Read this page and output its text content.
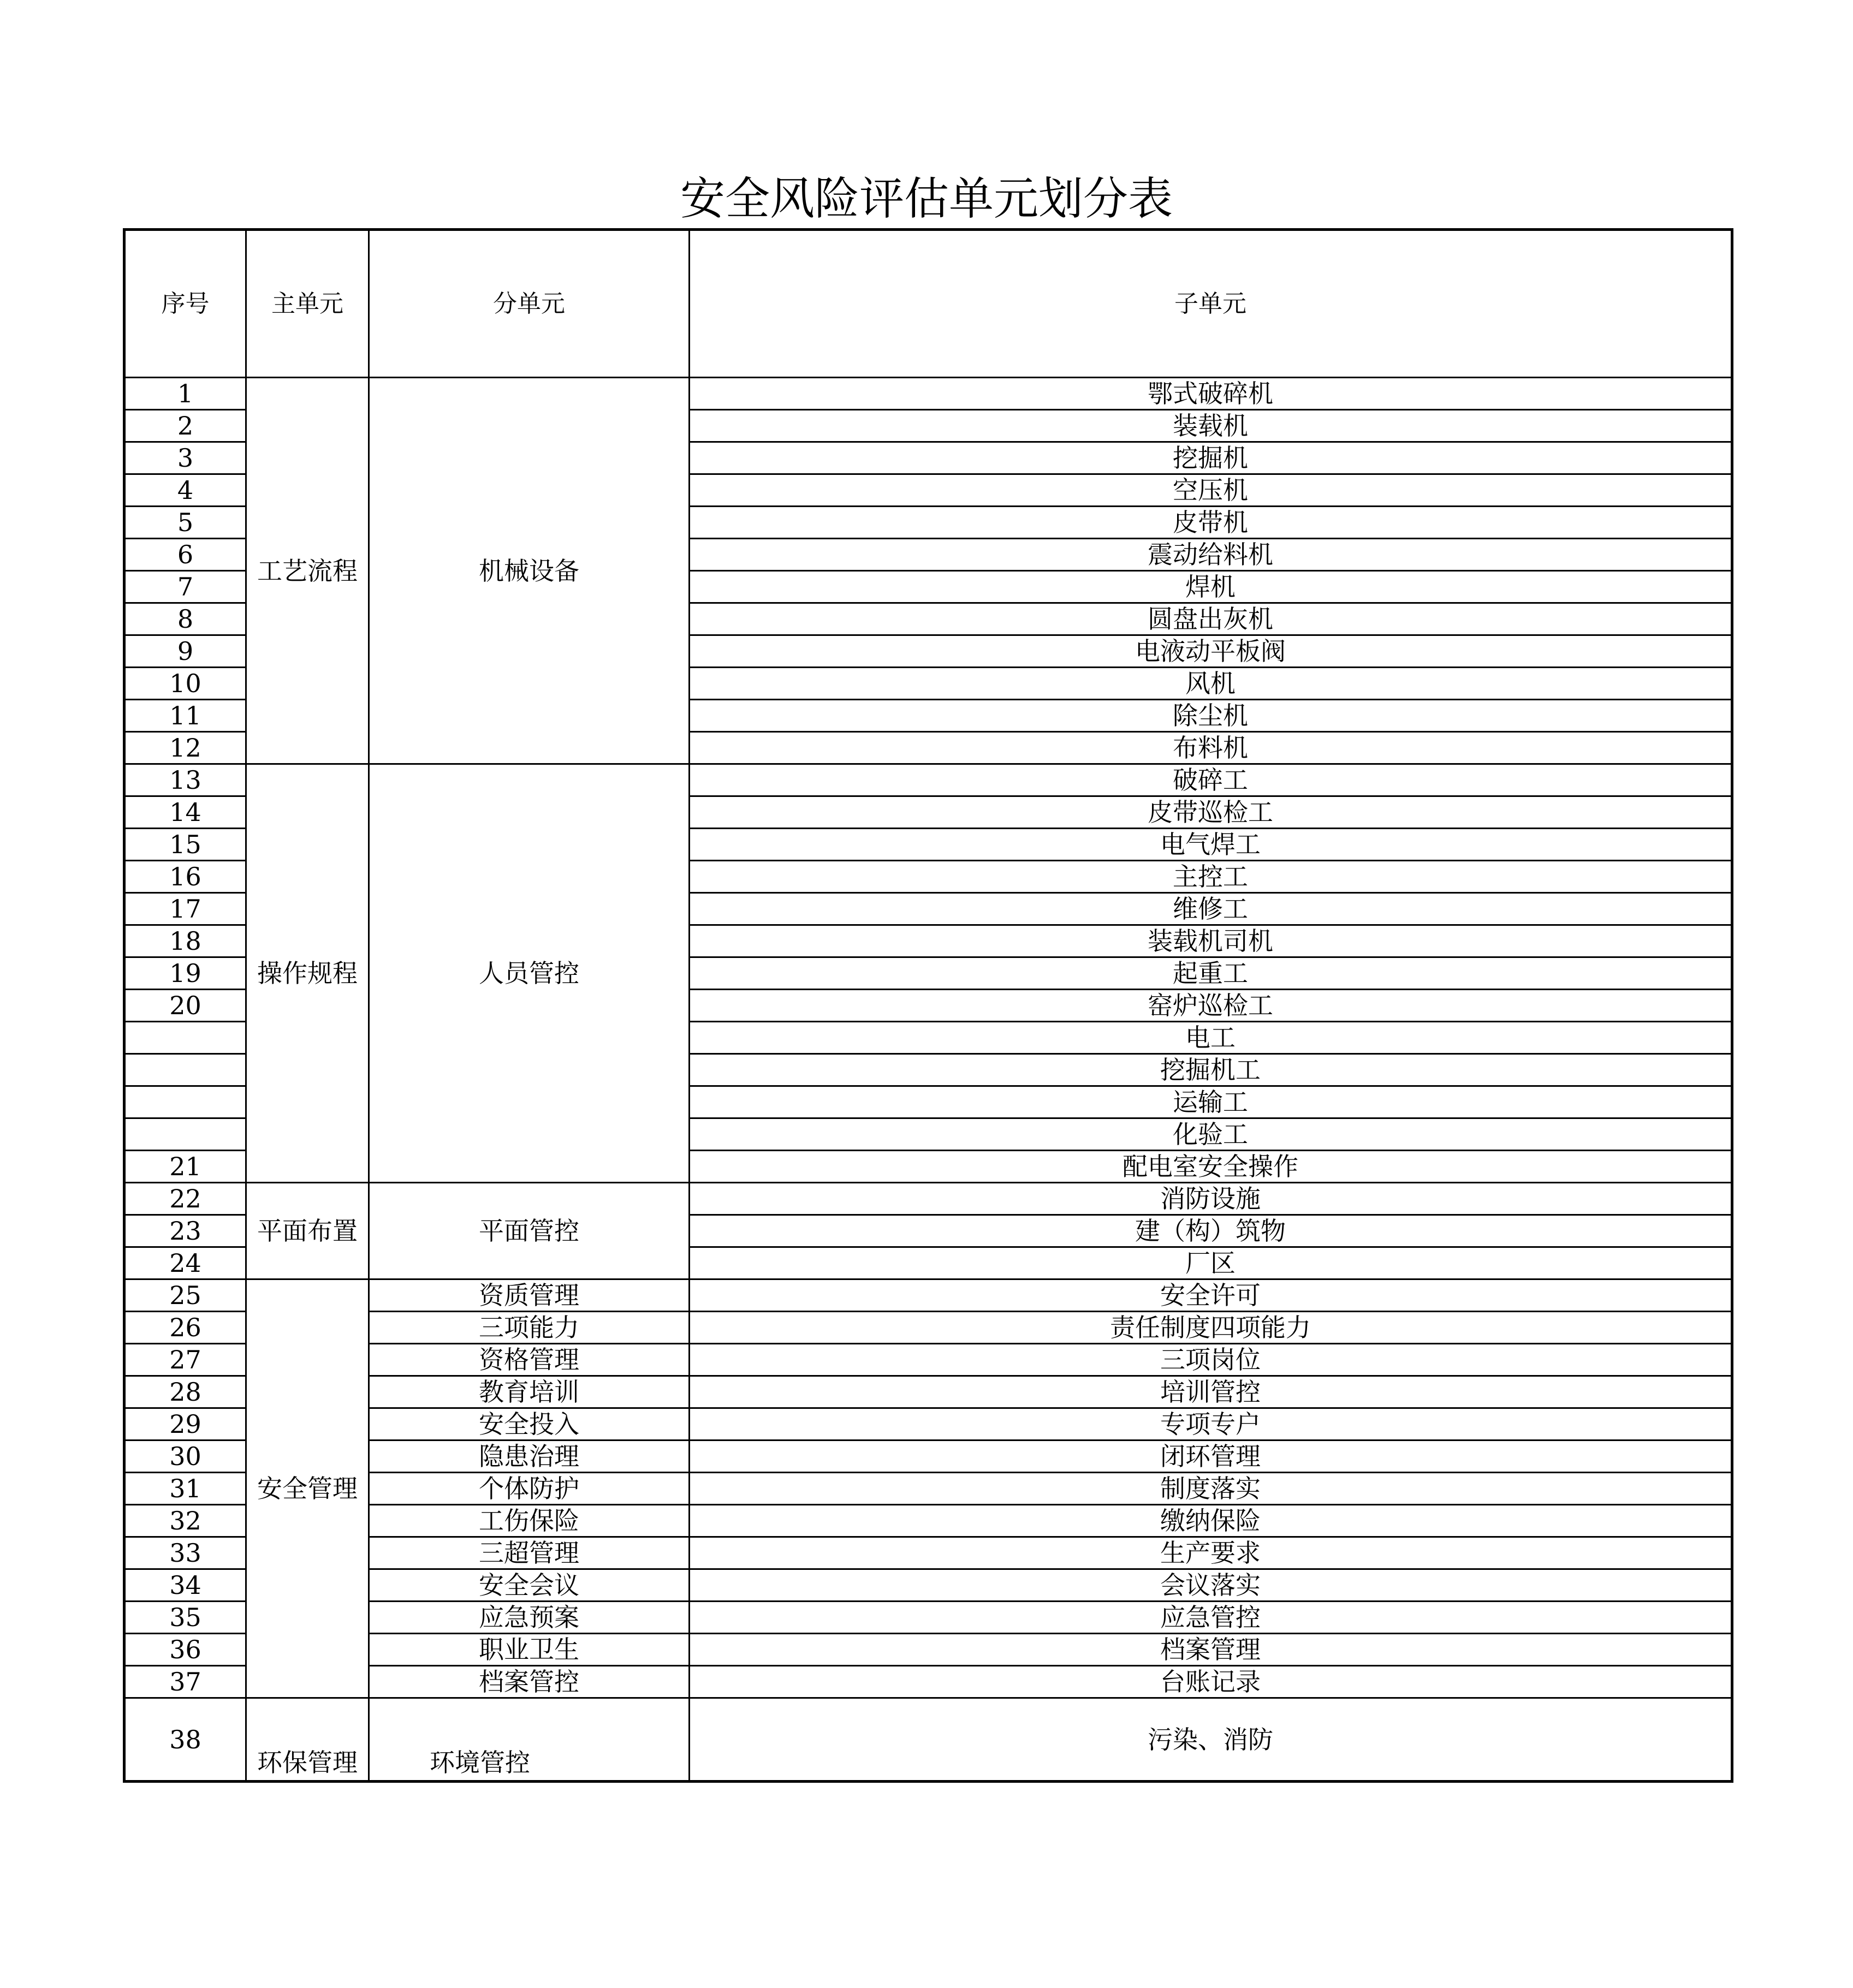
安全风险评估单元划分表
序号	主单元	分单元	子单元
1	工艺流程	机械设备	鄂式破碎机
2			装载机
3			挖掘机
4			空压机
5			皮带机
6			震动给料机
7			焊机
8			圆盘出灰机
9			电液动平板阀
10			风机
11			除尘机
12			布料机
13	操作规程	人员管控	破碎工
14			皮带巡检工
15			电气焊工
16			主控工
17			维修工
18			装载机司机
19			起重工
20			窑炉巡检工
			电工
			挖掘机工
			运输工
			化验工
21			配电室安全操作
22	平面布置	平面管控	消防设施
23			建（构）筑物
24			厂区
25	安全管理	资质管理	安全许可
26		三项能力	责任制度四项能力
27		资格管理	三项岗位
28		教育培训	培训管控
29		安全投入	专项专户
30		隐患治理	闭环管理
31		个体防护	制度落实
32		工伤保险	缴纳保险
33		三超管理	生产要求
34		安全会议	会议落实
35		应急预案	应急管控
36		职业卫生	档案管理
37		档案管控	台账记录
38	环保管理	环境管控	污染、消防
